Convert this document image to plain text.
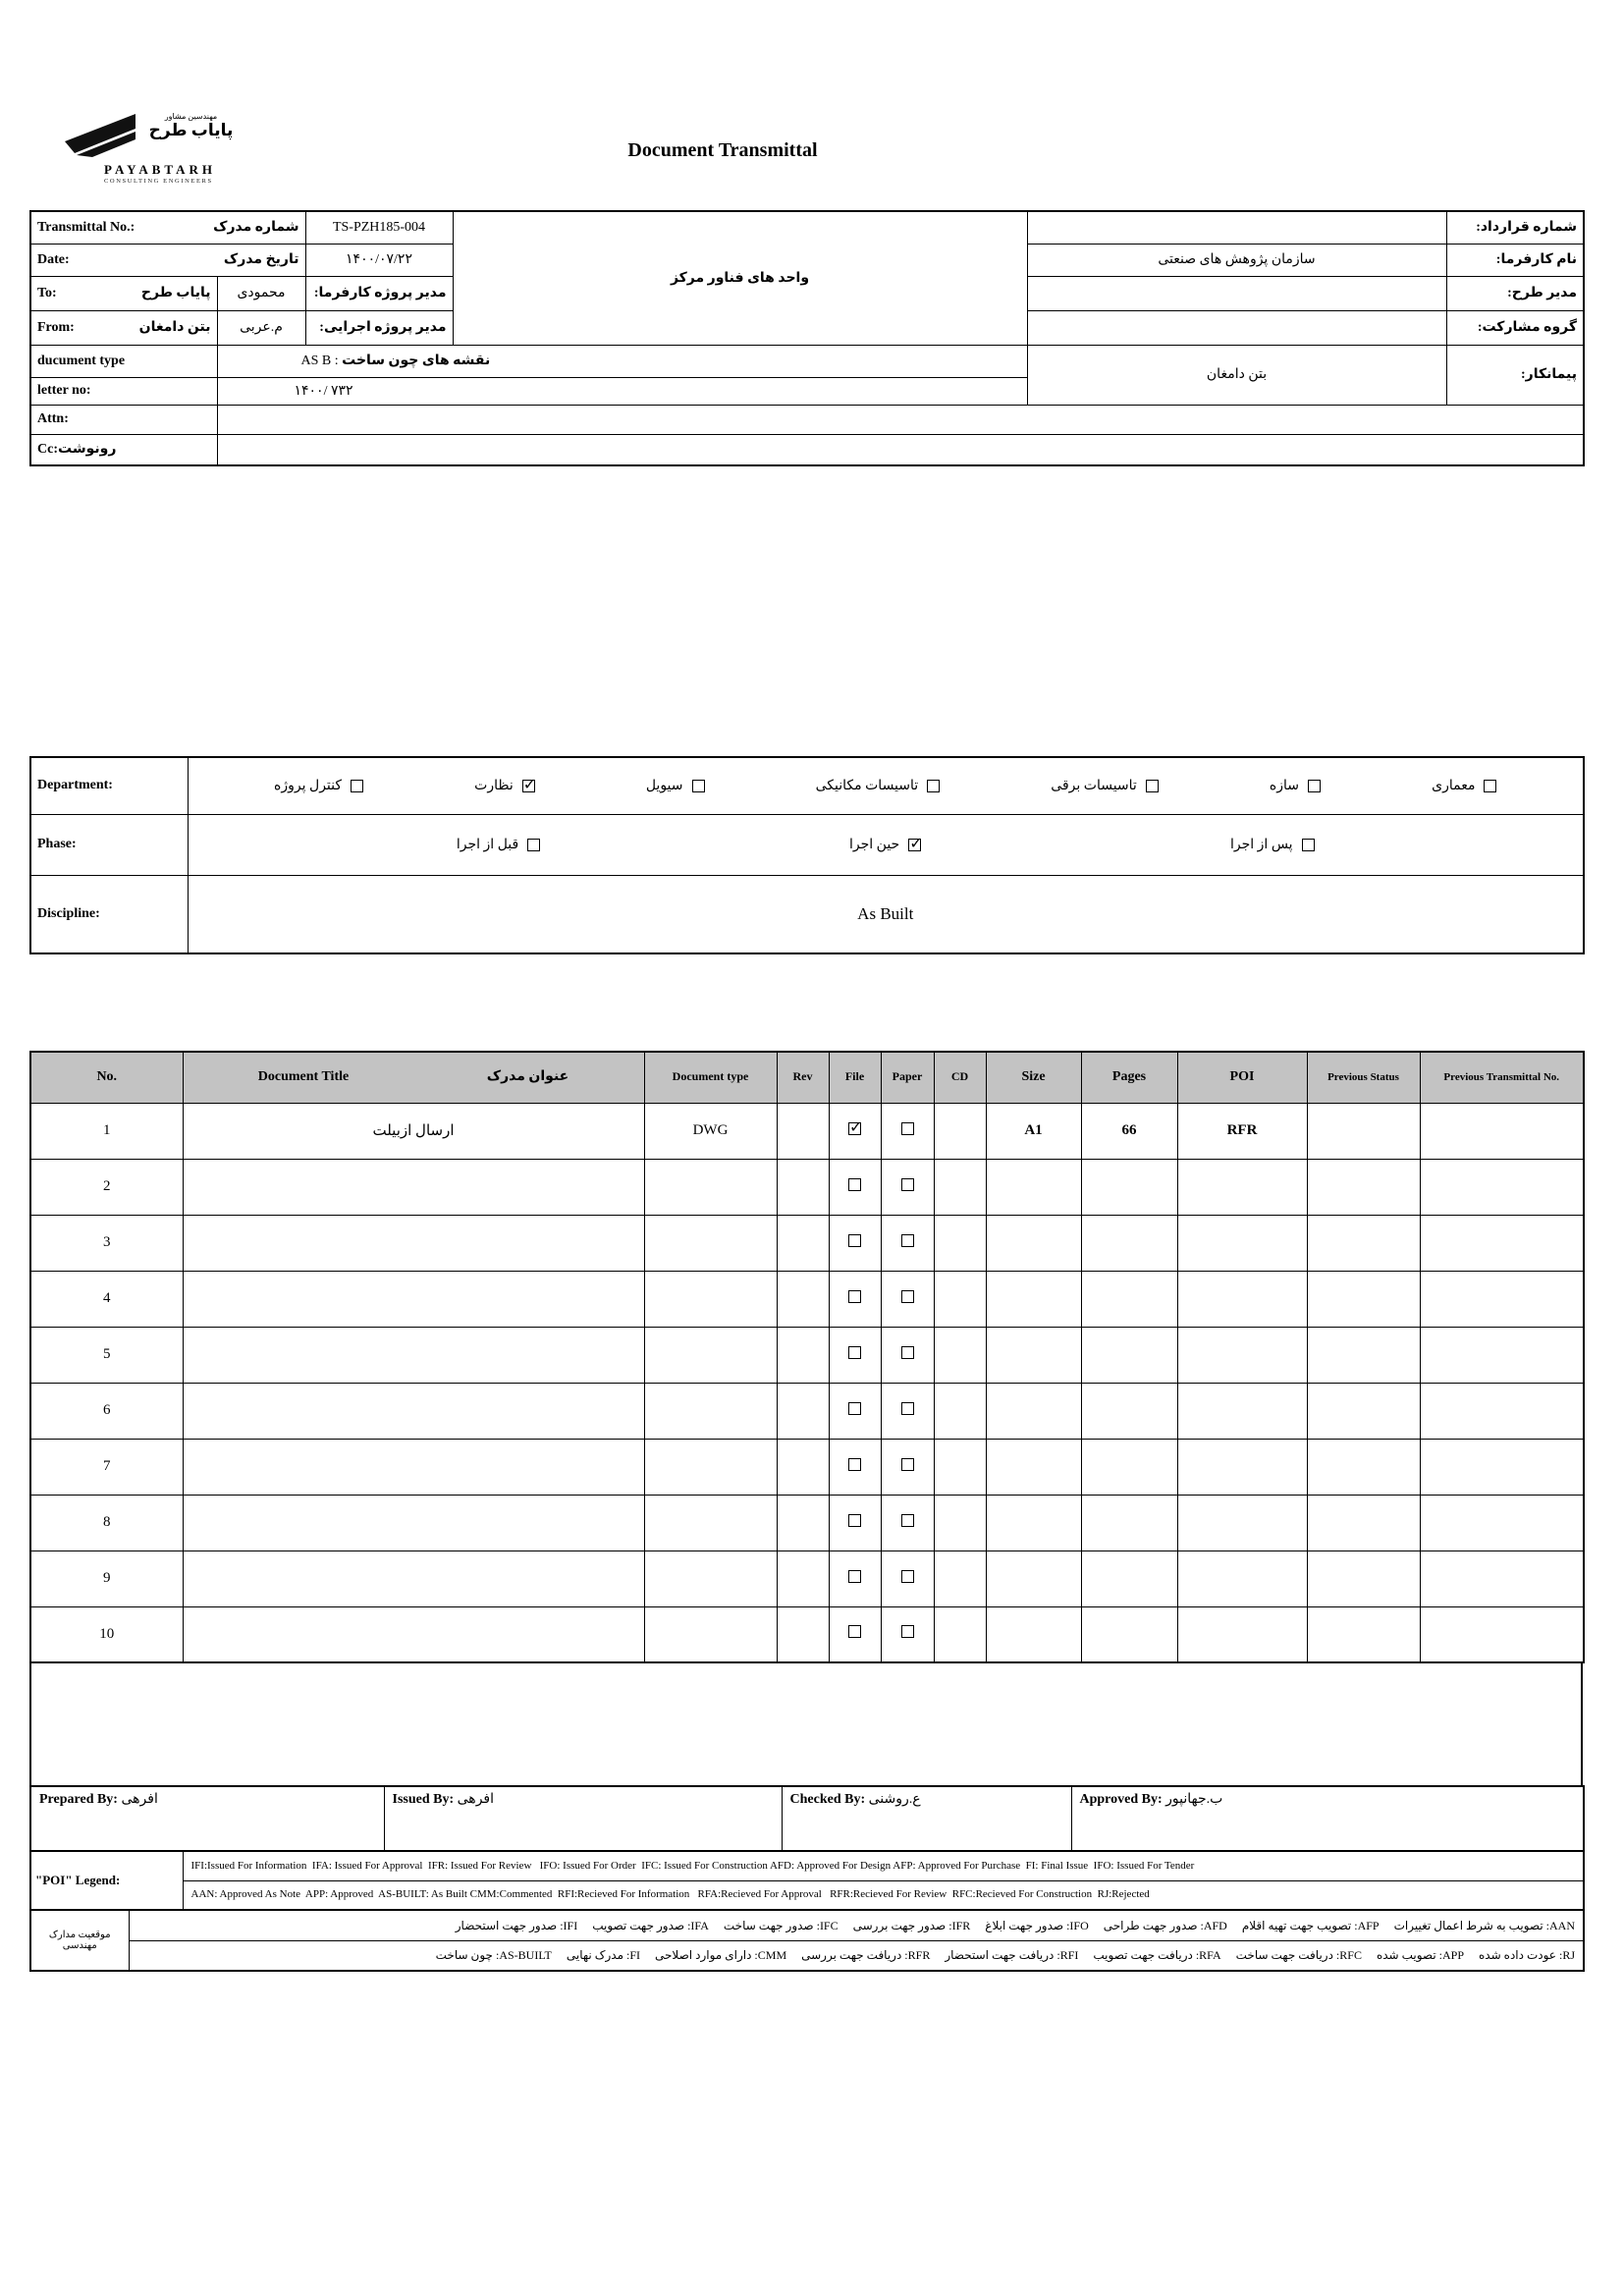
مهندسین مشاور
پایاب طرح
PAYABTARH
CONSULTING ENGINEERS
Document Transmittal
Transmittal No.: شماره مدرک		TS-PZH185-004	واحد های فناور مرکز		شماره قرارداد:

Date: تاریخ مدرک		۱۴۰۰/۰۷/۲۲		سازمان پژوهش های صنعتی	نام کارفرما:

To: پایاب طرح	محمودی	مدیر پروژه کارفرما:			مدیر طرح:

From: بتن دامغان	م.عربی	مدیر پروژه اجرایی:			گروه مشارکت:
ducument type	نقشه های چون ساخت : AS B			بتن دامغان	پیمانکار:
letter no:	۱۴۰۰/ ۷۳۲				
Attn:					
Cc:رونوشت					
Department:	کنترل پروژه	نظارت ✓	سیویل	تاسیسات مکانیکی	تاسیسات برقی	سازه	معماری

Phase:	قبل از اجرا حین اجرا ✓ پس از اجرا

Discipline:	As Built
No.	Document Title عنوان مدرک	Document type	Rev	File	Paper	CD	Size	Pages	POI	Previous Status	Previous Transmittal No.
1	ارسال ازبیلت	DWG		✓			A1	66	RFR		
2											
3											
4											
5											
6											
7											
8											
9											
10											
Prepared By: افرهی	Issued By: افرهی	Checked By: ع.روشنی	Approved By: ب.جهانپور
"POI" Legend:	IFI:Issued For Information  IFA: Issued For Approval  IFR: Issued For Review   IFO: Issued For Order  IFC: Issued For Construction AFD: Approved For Design AFP: Approved For Purchase  FI: Final Issue  IFO: Issued For Tender
AAN: Approved As Note  APP: Approved  AS-BUILT: As Built CMM:Commented  RFI:Recieved For Information   RFA:Recieved For Approval   RFR:Recieved For Review  RFC:Recieved For Construction  RJ:Rejected
موقعیت مدارک مهندسی	AAN: تصویب به شرط اعمال تغییرات     AFP: تصویب جهت تهیه اقلام     AFD: صدور جهت طراحی     IFO: صدور جهت ابلاغ     IFR: صدور جهت بررسی     IFC: صدور جهت ساخت     IFA: صدور جهت تصویب     IFI: صدور جهت استحضار
RJ: عودت داده شده     APP: تصویب شده     RFC: دریافت جهت ساخت     RFA: دریافت جهت تصویب     RFI: دریافت جهت استحضار     RFR: دریافت جهت بررسی     CMM: دارای موارد اصلاحی     FI: مدرک نهایی     AS-BUILT: چون ساخت
